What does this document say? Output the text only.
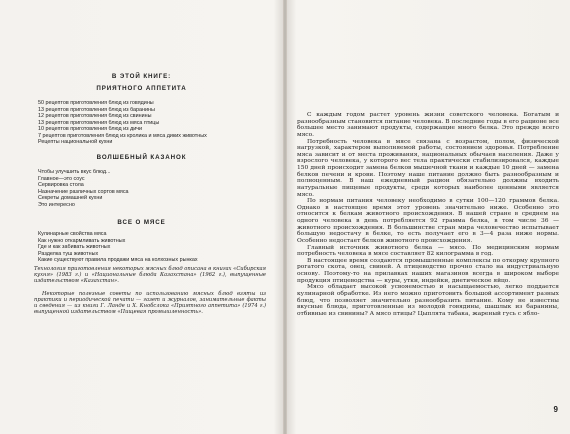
В ЭТОЙ КНИГЕ:
ПРИЯТНОГО АППЕТИТА
50 рецептов приготовления блюд из говядины
13 рецептов приготовления блюд из баранины
12 рецептов приготовления блюд из свинины
13 рецептов приготовления блюд из мяса птицы
10 рецептов приготовления блюд из дичи
7 рецептов приготовления блюд из кролика и мяса диких животных
Рецепты национальной кухни
ВОЛШЕБНЫЙ КАЗАНОК
Чтобы улучшить вкус блюд...
Главное—это соус
Сервировка стола
Назначение различных сортов мяса
Секреты домашней кухни
Это интересно
ВСЕ О МЯСЕ
Кулинарные свойства мяса
Как нужно откармливать животных
Где и как забивать животных
Разделка туш животных
Какие существуют правила продажи мяса на колхозных рынках

Технология приготовления некоторых мясных блюд описана в книгах «Сибирская кухня» (1983 г.) и «Национальные блюда Казахстана» (1962 г.), выпущенные издательством «Казахстан».

Некоторые полезные советы по использованию мясных блюд взяты из практики и периодической печати — газет и журналов, занимательные факты и сведения — из книги Г. Ланде и Х. Кнобслока «Приятного аппетита» (1974 г.) выпущенной издательством «Пищевая промышленность».

С каждым годом растет уровень жизни советского человека. Богатым и разнообразным становится питание человека. В последние годы в его рационе все большее место занимают продукты, содержащие много белка. Это прежде всего мясо.

Потребность человека в мясе связана с возрастом, полом, физической нагрузкой, характером выполняемой работы, состоянием здоровья. Потребление мяса зависит и от места проживания, национальных обычаев населения. Даже у взрослого человека, у которого вес тела практически стабилизировался, каждые 150 дней происходит замена белков мышечной ткани и каждые 10 дней — замена белков печени и крови. Поэтому наше питание должно быть разнообразным и полноценным. В наш ежедневный рацион обязательно должны входить натуральные пищевые продукты, среди которых наиболее ценными является мясо.

По нормам питания человеку необходимо в сутки 100—120 граммов белка. Однако в настоящее время этот уровень значительно ниже. Особенно это относится к белкам животного происхождения. В нашей стране в среднем на одного человека в день потребляется 92 грамма белка, в том числе 36 — животного происхождения. В большинстве стран мира человечество испытывает большую недостачу в белке, то есть получает его в 3—4 раза ниже нормы. Особенно недостает белков животного происхождения.

Главный источник животного белка — мясо. По медицинским нормам потребность человека в мясе составляет 82 килограмма в год.

В настоящее время создаются промышленные комплексы по откорму крупного рогатого скота, овец, свиней. А птицеводство прочно стало на индустриальную основу. Поэтому-то на прилавках наших магазинов всегда в широком выборе продукция птицеводства — куры, утки, индейки, диетическое яйцо.

Мясо обладает высокой усвояемостью и насыщаемостью, легко поддается кулинарной обработке. Из него можно приготовить большой ассортимент разных блюд, что позволяет значительно разнообразить питание. Кому не известны вкусные блюда, приготовленные из молодой говядины, шашлык из баранины, отбивные из свинины? А мясо птицы? Цыплята табака, жареный гусь с ябло-

9
